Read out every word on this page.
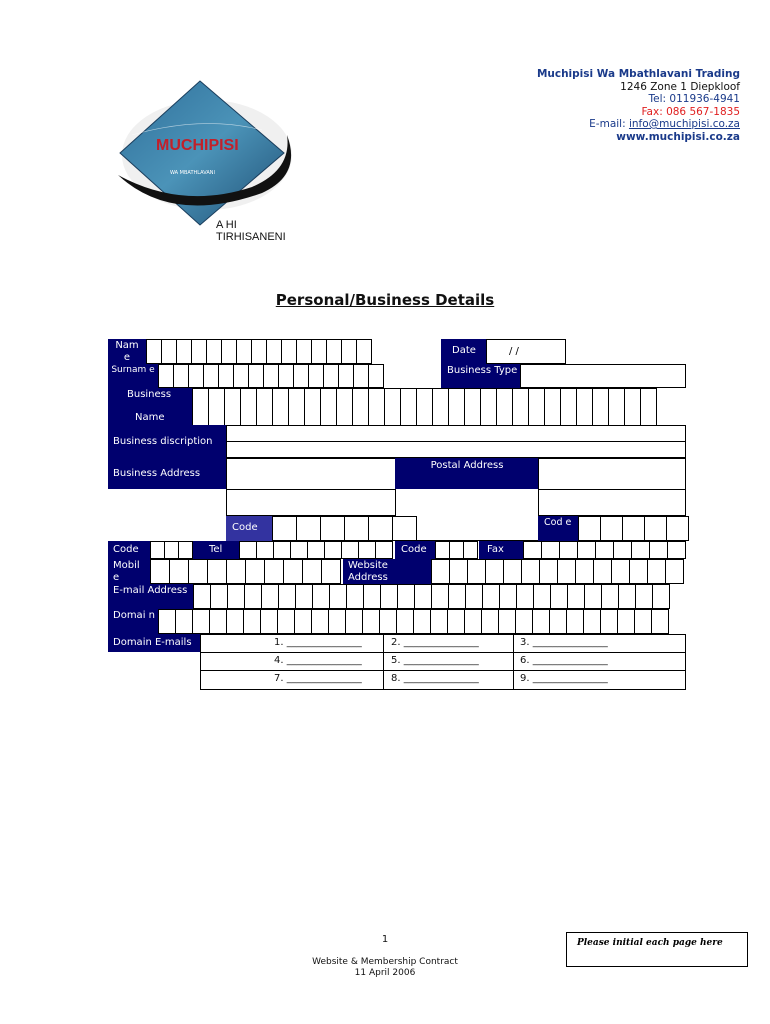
MUCHIPISI
WA MBATHLAVANI
A HI TIRHISANENI
Muchipisi Wa Mbathlavani Trading
1246 Zone 1 Diepkloof
Tel: 011936-4941
Fax: 086 567-1835
E-mail: info@muchipisi.co.za
www.muchipisi.co.za
Personal/Business Details
Nam e
Date	/ /
Surnam e	Business Type
Business
Name
Business discription
Business Address
Postal Address
Code	Cod e
Code	Tel	Code	Fax
Mobil e
Website Address
E-mail Address
Domai n
Domain E-mails	1. _______________	2. _______________	3. _______________
4. _______________	5. _______________	6. _______________
7. _______________	8. _______________	9. _______________
1
Website & Membership Contract
11 April 2006
Please initial each page here
